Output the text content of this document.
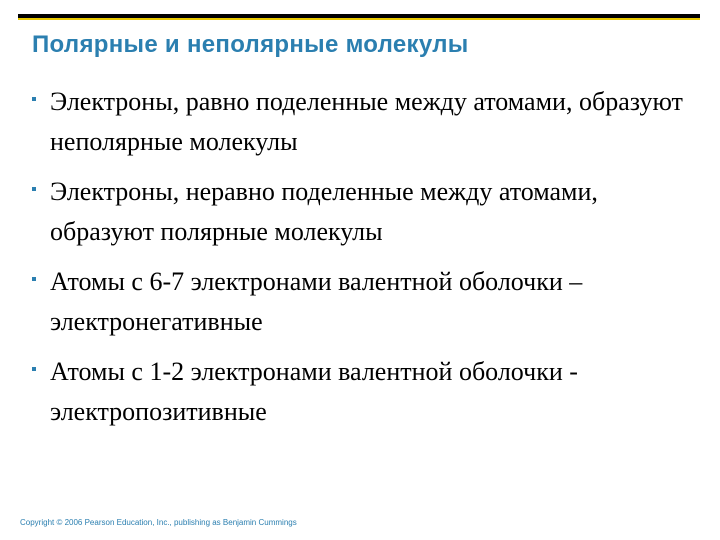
Полярные и неполярные молекулы
Электроны, равно поделенные между атомами, образуют неполярные молекулы
Электроны, неравно поделенные между атомами, образуют полярные молекулы
Атомы с 6-7 электронами валентной оболочки – электронегативные
Атомы с 1-2 электронами валентной оболочки - электропозитивные

Copyright © 2006 Pearson Education, Inc., publishing as Benjamin Cummings
